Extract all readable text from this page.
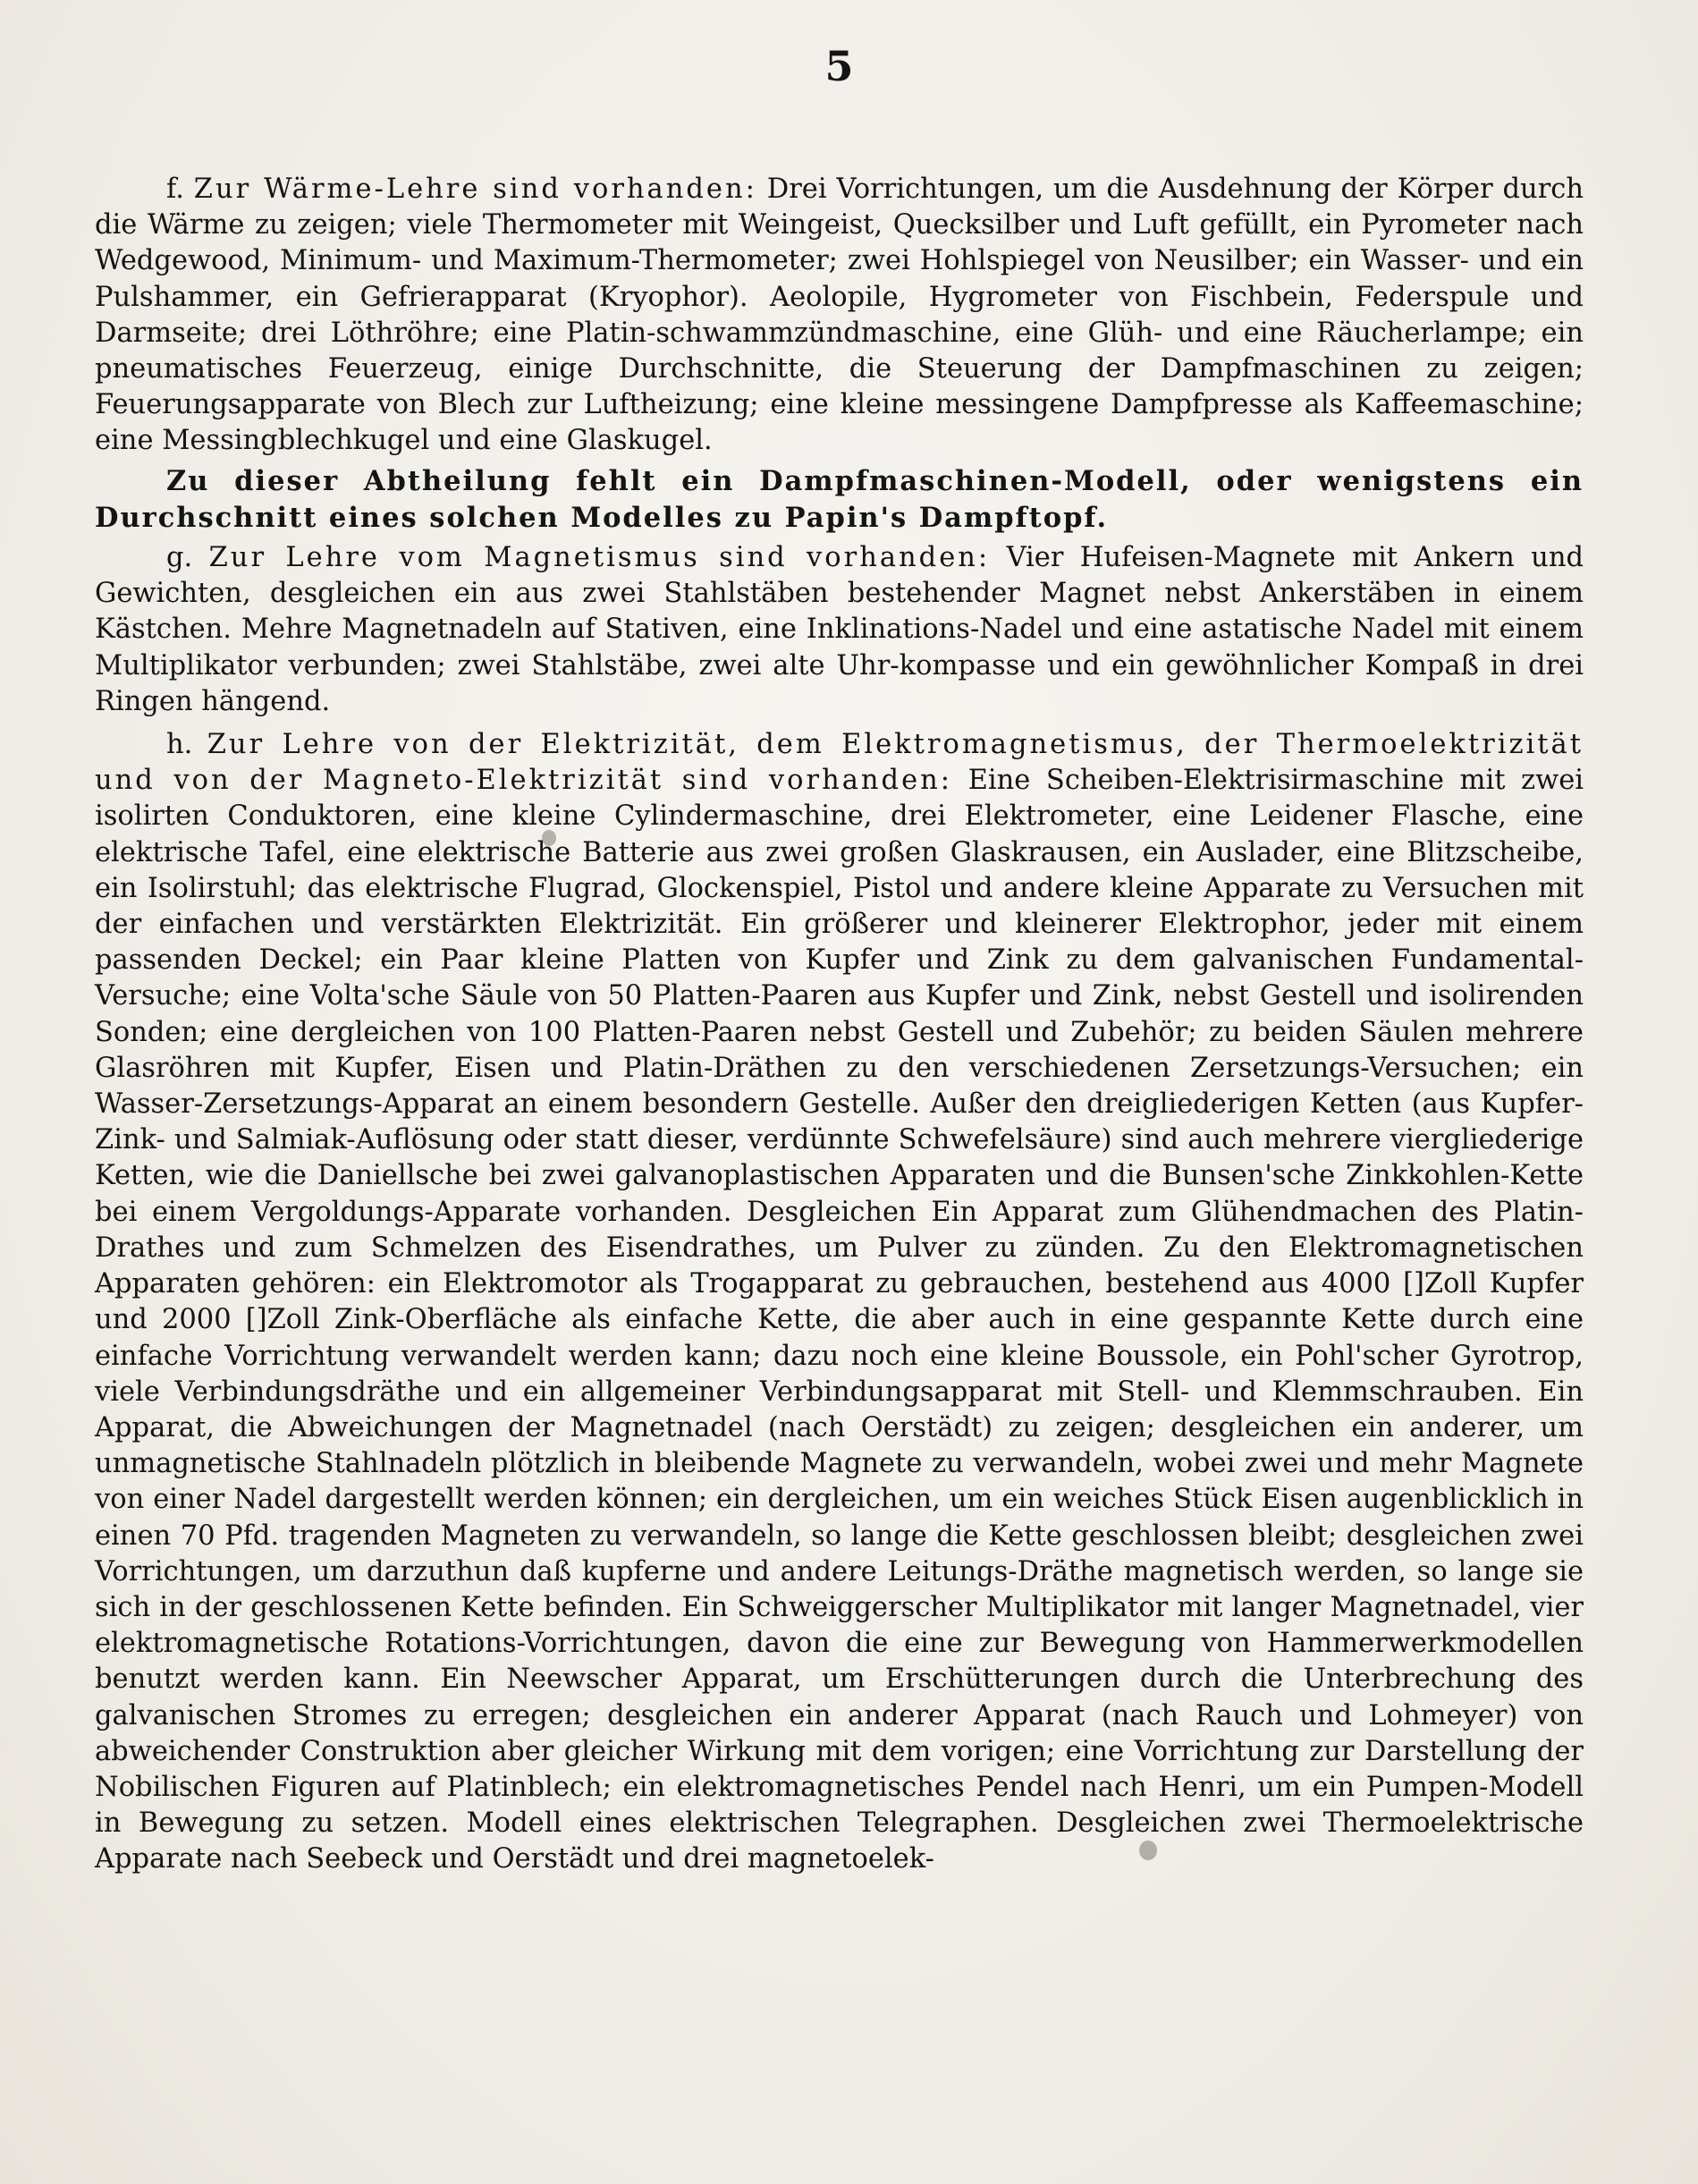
5

f. Zur Wärme-Lehre sind vorhanden: Drei Vorrichtungen, um die Ausdehnung der Körper durch die Wärme zu zeigen; viele Thermometer mit Weingeist, Quecksilber und Luft gefüllt, ein Pyrometer nach Wedgewood, Minimum- und Maximum-Thermometer; zwei Hohlspiegel von Neusilber; ein Wasser- und ein Pulshammer, ein Gefrierapparat (Kryophor). Aeolopile, Hygrometer von Fischbein, Federspule und Darmseite; drei Löthröhre; eine Platin-schwammzündmaschine, eine Glüh- und eine Räucherlampe; ein pneumatisches Feuerzeug, einige Durchschnitte, die Steuerung der Dampfmaschinen zu zeigen; Feuerungsapparate von Blech zur Luftheizung; eine kleine messingene Dampfpresse als Kaffeemaschine; eine Messingblechkugel und eine Glaskugel.

Zu dieser Abtheilung fehlt ein Dampfmaschinen-Modell, oder wenigstens ein Durchschnitt eines solchen Modelles zu Papin's Dampftopf.

g. Zur Lehre vom Magnetismus sind vorhanden: Vier Hufeisen-Magnete mit Ankern und Gewichten, desgleichen ein aus zwei Stahlstäben bestehender Magnet nebst Ankerstäben in einem Kästchen. Mehre Magnetnadeln auf Stativen, eine Inklinations-Nadel und eine astatische Nadel mit einem Multiplikator verbunden; zwei Stahlstäbe, zwei alte Uhr-kompasse und ein gewöhnlicher Kompaß in drei Ringen hängend.

h. Zur Lehre von der Elektrizität, dem Elektromagnetismus, der Thermoelektrizität und von der Magneto-Elektrizität sind vorhanden: Eine Scheiben-Elektrisirmaschine mit zwei isolirten Conduktoren, eine kleine Cylindermaschine, drei Elektrometer, eine Leidener Flasche, eine elektrische Tafel, eine elektrische Batterie aus zwei großen Glaskrausen, ein Auslader, eine Blitzscheibe, ein Isolirstuhl; das elektrische Flugrad, Glockenspiel, Pistol und andere kleine Apparate zu Versuchen mit der einfachen und verstärkten Elektrizität. Ein größerer und kleinerer Elektrophor, jeder mit einem passenden Deckel; ein Paar kleine Platten von Kupfer und Zink zu dem galvanischen Fundamental-Versuche; eine Volta'sche Säule von 50 Platten-Paaren aus Kupfer und Zink, nebst Gestell und isolirenden Sonden; eine dergleichen von 100 Platten-Paaren nebst Gestell und Zubehör; zu beiden Säulen mehrere Glasröhren mit Kupfer, Eisen und Platin-Dräthen zu den verschiedenen Zersetzungs-Versuchen; ein Wasser-Zersetzungs-Apparat an einem besondern Gestelle. Außer den dreigliederigen Ketten (aus Kupfer-Zink- und Salmiak-Auflösung oder statt dieser, verdünnte Schwefelsäure) sind auch mehrere viergliederige Ketten, wie die Daniellsche bei zwei galvanoplastischen Apparaten und die Bunsen'sche Zinkkohlen-Kette bei einem Vergoldungs-Apparate vorhanden. Desgleichen Ein Apparat zum Glühendmachen des Platin-Drathes und zum Schmelzen des Eisendrathes, um Pulver zu zünden. Zu den Elektromagnetischen Apparaten gehören: ein Elektromotor als Trogapparat zu gebrauchen, bestehend aus 4000 []Zoll Kupfer und 2000 []Zoll Zink-Oberfläche als einfache Kette, die aber auch in eine gespannte Kette durch eine einfache Vorrichtung verwandelt werden kann; dazu noch eine kleine Boussole, ein Pohl'scher Gyrotrop, viele Verbindungsdräthe und ein allgemeiner Verbindungsapparat mit Stell- und Klemmschrauben. Ein Apparat, die Abweichungen der Magnetnadel (nach Oerstädt) zu zeigen; desgleichen ein anderer, um unmagnetische Stahlnadeln plötzlich in bleibende Magnete zu verwandeln, wobei zwei und mehr Magnete von einer Nadel dargestellt werden können; ein dergleichen, um ein weiches Stück Eisen augenblicklich in einen 70 Pfd. tragenden Magneten zu verwandeln, so lange die Kette geschlossen bleibt; desgleichen zwei Vorrichtungen, um darzuthun daß kupferne und andere Leitungs-Dräthe magnetisch werden, so lange sie sich in der geschlossenen Kette befinden. Ein Schweiggerscher Multiplikator mit langer Magnetnadel, vier elektromagnetische Rotations-Vorrichtungen, davon die eine zur Bewegung von Hammerwerkmodellen benutzt werden kann. Ein Neewscher Apparat, um Erschütterungen durch die Unterbrechung des galvanischen Stromes zu erregen; desgleichen ein anderer Apparat (nach Rauch und Lohmeyer) von abweichender Construktion aber gleicher Wirkung mit dem vorigen; eine Vorrichtung zur Darstellung der Nobilischen Figuren auf Platinblech; ein elektromagnetisches Pendel nach Henri, um ein Pumpen-Modell in Bewegung zu setzen. Modell eines elektrischen Telegraphen. Desgleichen zwei Thermoelektrische Apparate nach Seebeck und Oerstädt und drei magnetoelek-
